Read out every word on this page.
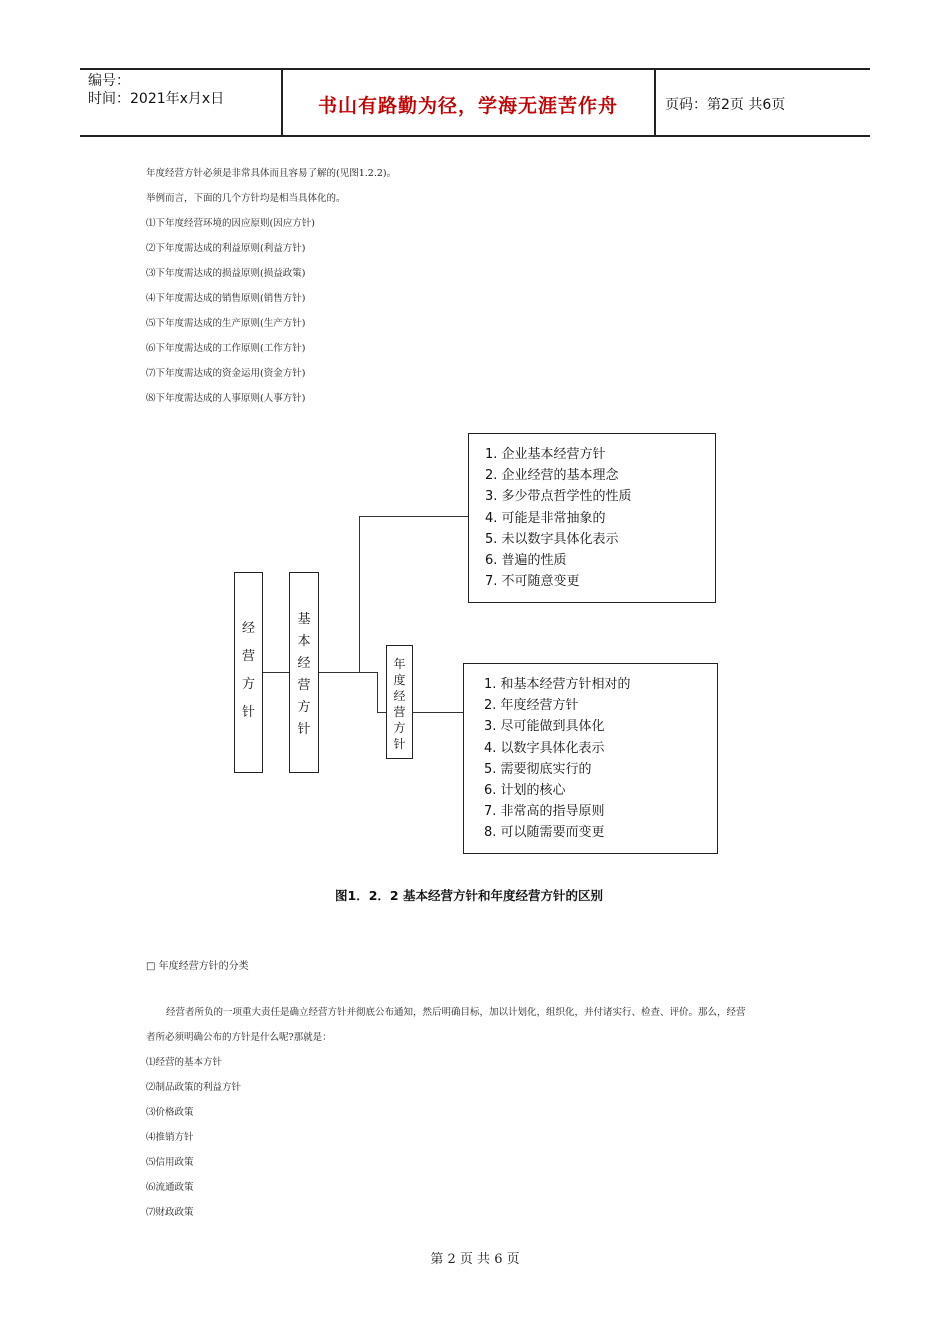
编号：
时间：2021年x月x日	书山有路勤为径，学海无涯苦作舟	页码：第2页 共6页
年度经营方针必须是非常具体而且容易了解的(见图1.2.2)。
举例而言，下面的几个方针均是相当具体化的。
⑴下年度经营环境的因应原则(因应方针)
⑵下年度需达成的利益原则(利益方针)
⑶下年度需达成的损益原则(损益政策)
⑷下年度需达成的销售原则(销售方针)
⑸下年度需达成的生产原则(生产方针)
⑹下年度需达成的工作原则(工作方针)
⑺下年度需达成的资金运用(资金方针)
⑻下年度需达成的人事原则(人事方针)
经
营
方
针
基
本
经
营
方
针
年
度
经
营
方
针
1. 企业基本经营方针
2. 企业经营的基本理念
3. 多少带点哲学性的性质
4. 可能是非常抽象的
5. 未以数字具体化表示
6. 普遍的性质
7. 不可随意变更
1. 和基本经营方针相对的
2. 年度经营方针
3. 尽可能做到具体化
4. 以数字具体化表示
5. 需要彻底实行的
6. 计划的核心
7. 非常高的指导原则
8. 可以随需要而变更
图1．2．2 基本经营方针和年度经营方针的区别
□ 年度经营方针的分类
经营者所负的一项重大责任是确立经营方针并彻底公布通知，然后明确目标，加以计划化，组织化，并付诸实行、检查、评价。那么，经营
者所必须明确公布的方针是什么呢?那就是：
⑴经营的基本方针
⑵制品政策的利益方针
⑶价格政策
⑷推销方针
⑸信用政策
⑹流通政策
⑺财政政策
第 2 页 共 6 页
